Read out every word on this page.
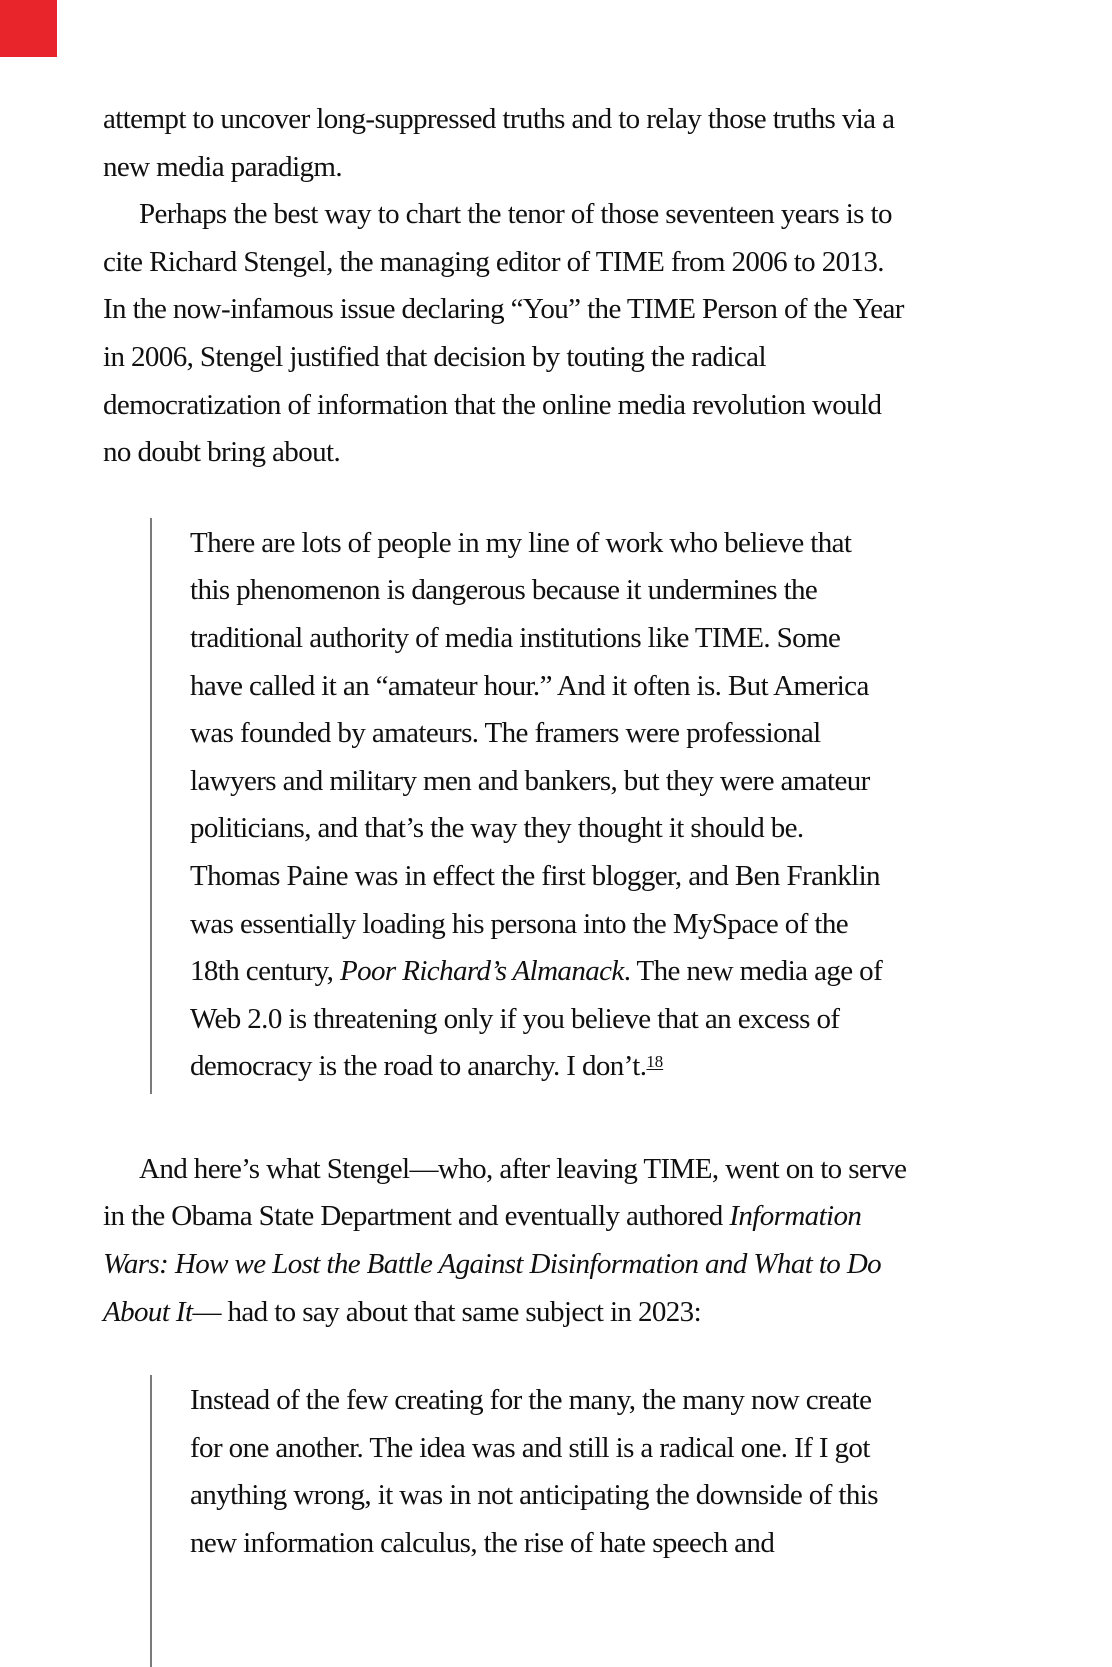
attempt to uncover long-suppressed truths and to relay those truths via a
new media paradigm.
Perhaps the best way to chart the tenor of those seventeen years is to
cite Richard Stengel, the managing editor of TIME from 2006 to 2013.
In the now-infamous issue declaring “You” the TIME Person of the Year
in 2006, Stengel justified that decision by touting the radical
democratization of information that the online media revolution would
no doubt bring about.
There are lots of people in my line of work who believe that
this phenomenon is dangerous because it undermines the
traditional authority of media institutions like TIME. Some
have called it an “amateur hour.” And it often is. But America
was founded by amateurs. The framers were professional
lawyers and military men and bankers, but they were amateur
politicians, and that’s the way they thought it should be.
Thomas Paine was in effect the first blogger, and Ben Franklin
was essentially loading his persona into the MySpace of the
18th century, Poor Richard’s Almanack. The new media age of
Web 2.0 is threatening only if you believe that an excess of
democracy is the road to anarchy. I don’t.$^{18}$
And here’s what Stengel—who, after leaving TIME, went on to serve
in the Obama State Department and eventually authored Information
Wars: How we Lost the Battle Against Disinformation and What to Do
About It— had to say about that same subject in 2023:
Instead of the few creating for the many, the many now create
for one another. The idea was and still is a radical one. If I got
anything wrong, it was in not anticipating the downside of this
new information calculus, the rise of hate speech and
